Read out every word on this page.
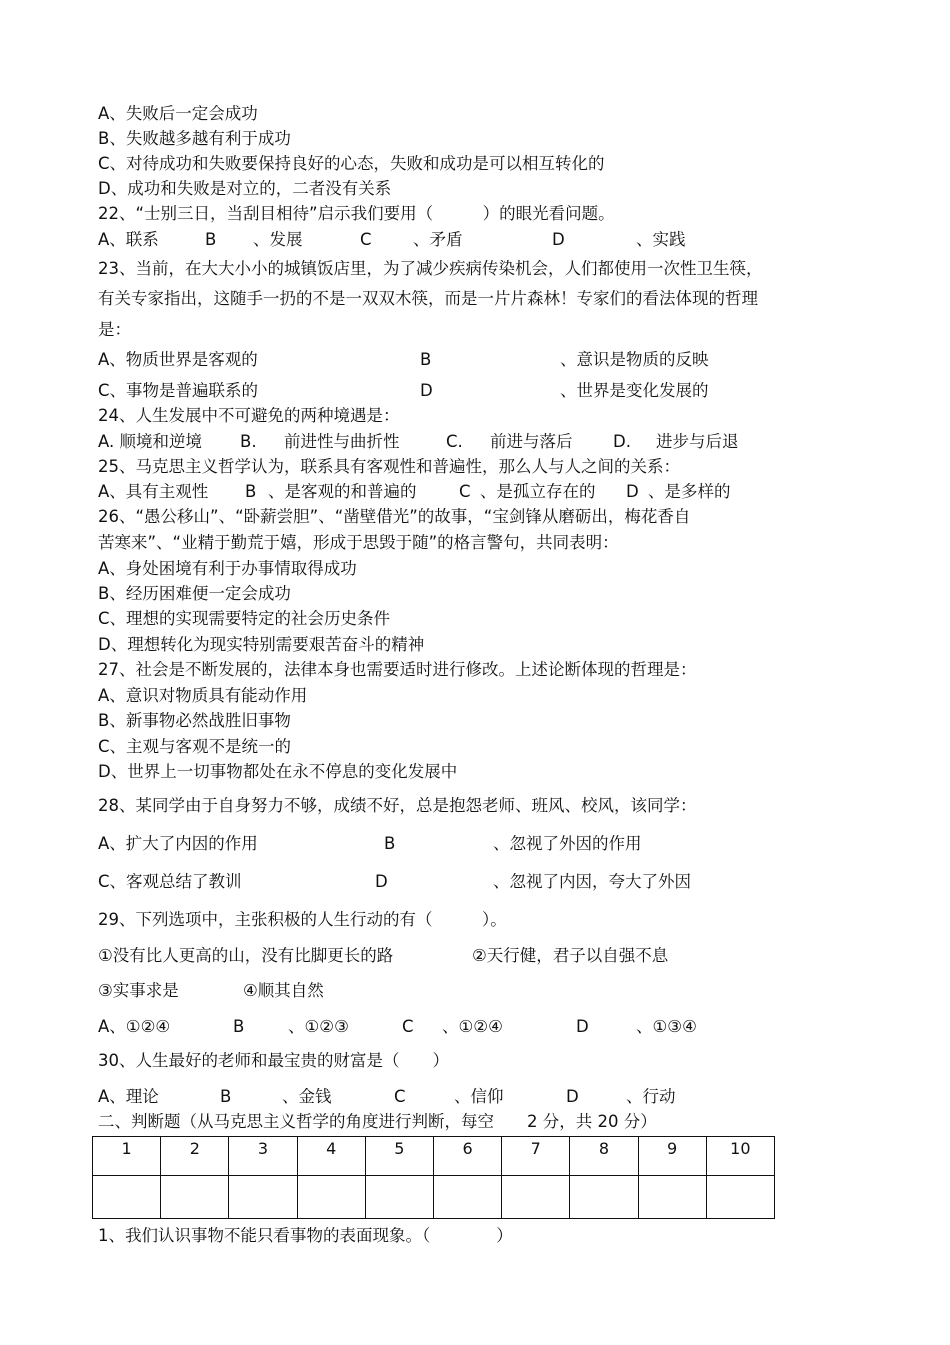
A、失败后一定会成功
B、失败越多越有利于成功
C、对待成功和失败要保持良好的心态，失败和成功是可以相互转化的
D、成功和失败是对立的，二者没有关系
22、“士别三日，当刮目相待”启示我们要用（　　　）的眼光看问题。
A、联系	B 、发展	C	、矛盾	D	、实践
23、当前，在大大小小的城镇饭店里，为了减少疾病传染机会，人们都使用一次性卫生筷，
有关专家指出，这随手一扔的不是一双双木筷，而是一片片森林！专家们的看法体现的哲理
是：
A、物质世界是客观的	B	、意识是物质的反映
C、事物是普遍联系的	D	、世界是变化发展的
24、人生发展中不可避免的两种境遇是：
A. 顺境和逆境 B. 前进性与曲折性	C. 前进与落后 D. 进步与后退
25、马克思主义哲学认为，联系具有客观性和普遍性，那么人与人之间的关系：
A、具有主观性 B 、是客观的和普遍的	C 、是孤立存在的 D 、是多样的
26、“愚公移山”、“卧薪尝胆”、“凿壁借光”的故事，“宝剑锋从磨砺出，梅花香自
苦寒来”、“业精于勤荒于嬉，形成于思毁于随”的格言警句，共同表明：
A、身处困境有利于办事情取得成功
B、经历困难便一定会成功
C、理想的实现需要特定的社会历史条件
D、理想转化为现实特别需要艰苦奋斗的精神
27、社会是不断发展的，法律本身也需要适时进行修改。上述论断体现的哲理是：
A、意识对物质具有能动作用
B、新事物必然战胜旧事物
C、主观与客观不是统一的
D、世界上一切事物都处在永不停息的变化发展中
28、某同学由于自身努力不够，成绩不好，总是抱怨老师、班风、校风，该同学：
A、扩大了内因的作用	B	、忽视了外因的作用
C、客观总结了教训	D	、忽视了内因，夸大了外因
29、下列选项中，主张积极的人生行动的有（　　　）。
①没有比人更高的山，没有比脚更长的路	②天行健，君子以自强不息
③实事求是	④顺其自然
A、①②④	B	、①②③	C 、①②④	D	、①③④
30、人生最好的老师和最宝贵的财富是（　　）
A、理论	B	、金钱	C	、信仰	D	、行动
二、判断题（从马克思主义哲学的角度进行判断，每空　　2 分，共 20 分）
1	2	3	4	5	6	7	8	9	10

1、我们认识事物不能只看事物的表面现象。（　　　　）
